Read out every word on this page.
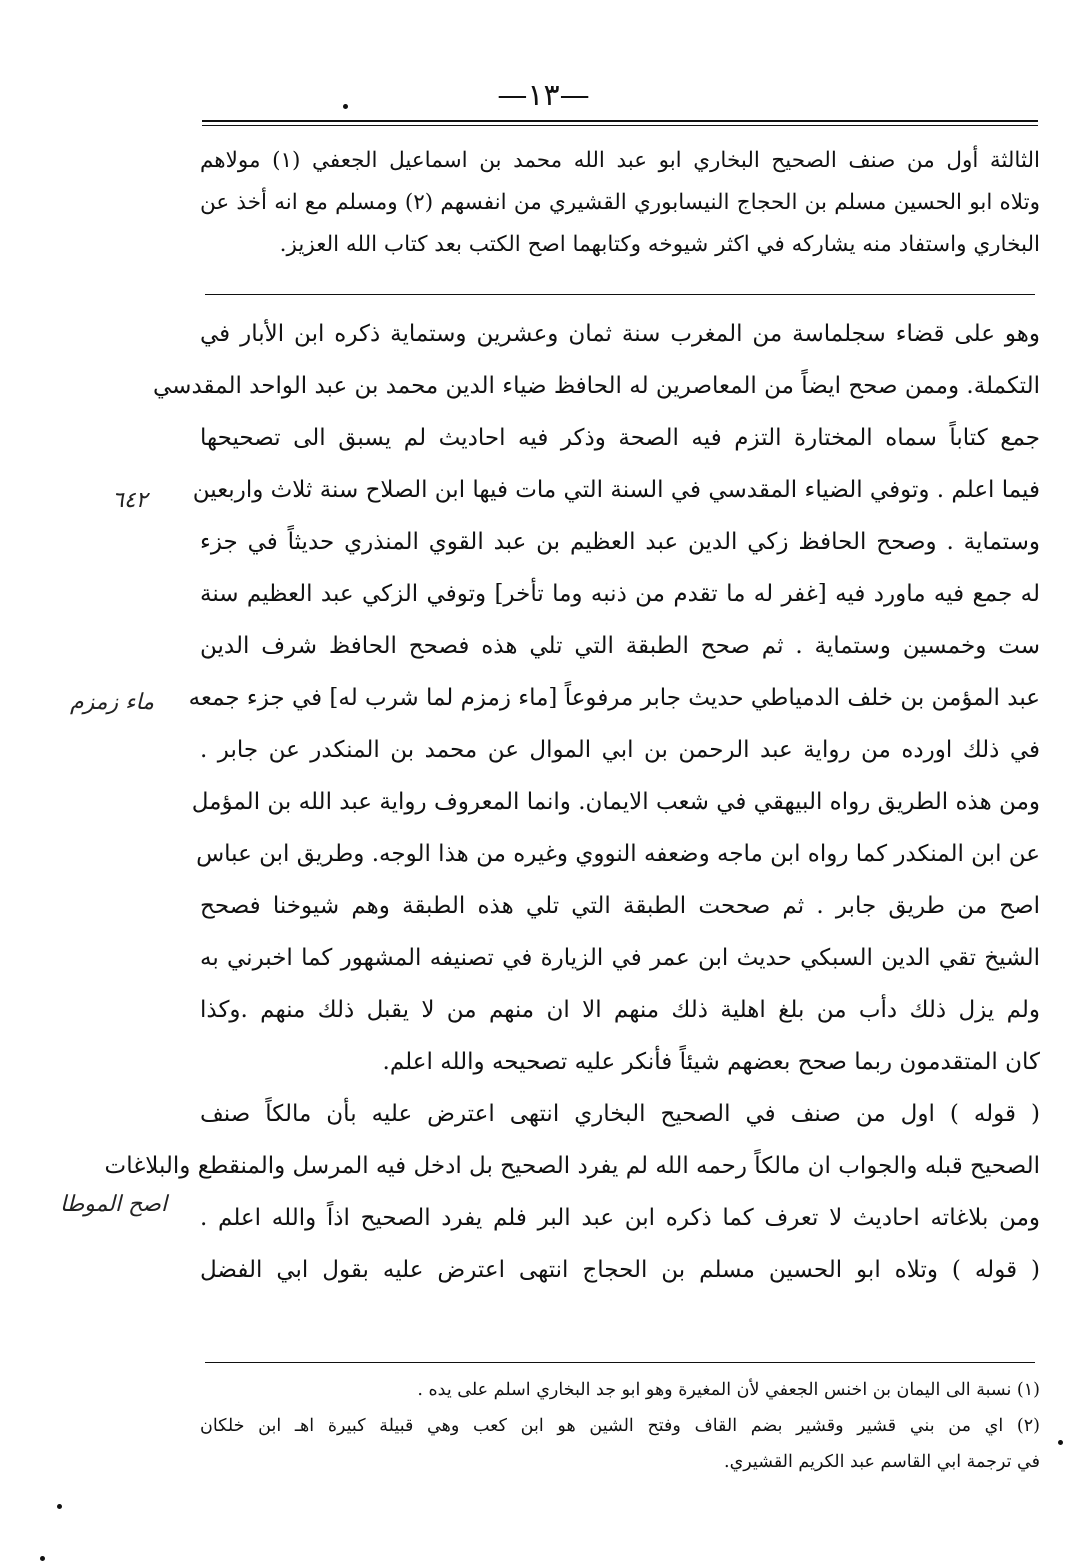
—١٣—
الثالثة أول من صنف الصحيح البخاري ابو عبد الله محمد بن اسماعيل الجعفي (١) مولاهم
وتلاه ابو الحسين مسلم بن الحجاج النيسابوري القشيري من انفسهم (٢) ومسلم مع انه أخذ عن
البخاري واستفاد منه يشاركه في اكثر شيوخه وكتابهما اصح الكتب بعد كتاب الله العزيز.
وهو على قضاء سجلماسة من المغرب سنة ثمان وعشرين وستماية ذكره ابن الأبار في
التكملة. وممن صحح ايضاً من المعاصرين له الحافظ ضياء الدين محمد بن عبد الواحد المقدسي
جمع كتاباً سماه المختارة التزم فيه الصحة وذكر فيه احاديث لم يسبق الى تصحيحها
فيما اعلم . وتوفي الضياء المقدسي في السنة التي مات فيها ابن الصلاح سنة ثلاث واربعين
وستماية . وصحح الحافظ زكي الدين عبد العظيم بن عبد القوي المنذري حديثاً في جزء
له جمع فيه ماورد فيه [غفر له ما تقدم من ذنبه وما تأخر] وتوفي الزكي عبد العظيم سنة
ست وخمسين وستماية . ثم صحح الطبقة التي تلي هذه فصحح الحافظ شرف الدين
عبد المؤمن بن خلف الدمياطي حديث جابر مرفوعاً [ماء زمزم لما شرب له] في جزء جمعه
في ذلك اورده من رواية عبد الرحمن بن ابي الموال عن محمد بن المنكدر عن جابر .
ومن هذه الطريق رواه البيهقي في شعب الايمان. وانما المعروف رواية عبد الله بن المؤمل
عن ابن المنكدر كما رواه ابن ماجه وضعفه النووي وغيره من هذا الوجه. وطريق ابن عباس
اصح من طريق جابر . ثم صححت الطبقة التي تلي هذه الطبقة وهم شيوخنا فصحح
الشيخ تقي الدين السبكي حديث ابن عمر في الزيارة في تصنيفه المشهور كما اخبرني به
ولم يزل ذلك دأب من بلغ اهلية ذلك منهم الا ان منهم من لا يقبل ذلك منهم .وكذا
كان المتقدمون ربما صحح بعضهم شيئاً فأنكر عليه تصحيحه والله اعلم.
( قوله ) اول من صنف في الصحيح البخاري انتهى اعترض عليه بأن مالكاً صنف
الصحيح قبله والجواب ان مالكاً رحمه الله لم يفرد الصحيح بل ادخل فيه المرسل والمنقطع والبلاغات
ومن بلاغاته احاديث لا تعرف كما ذكره ابن عبد البر فلم يفرد الصحيح اذاً والله اعلم .
( قوله ) وتلاه ابو الحسين مسلم بن الحجاج انتهى اعترض عليه بقول ابي الفضل
(١) نسبة الى اليمان بن اخنس الجعفي لأن المغيرة وهو ابو جد البخاري اسلم على يده .
(٢) اي من بني قشير وقشير بضم القاف وفتح الشين هو ابن كعب وهي قبيلة كبيرة اهـ ابن خلكان
في ترجمة ابي القاسم عبد الكريم القشيري.
٦٤٢
ماء زمزم
اصح الموطا
